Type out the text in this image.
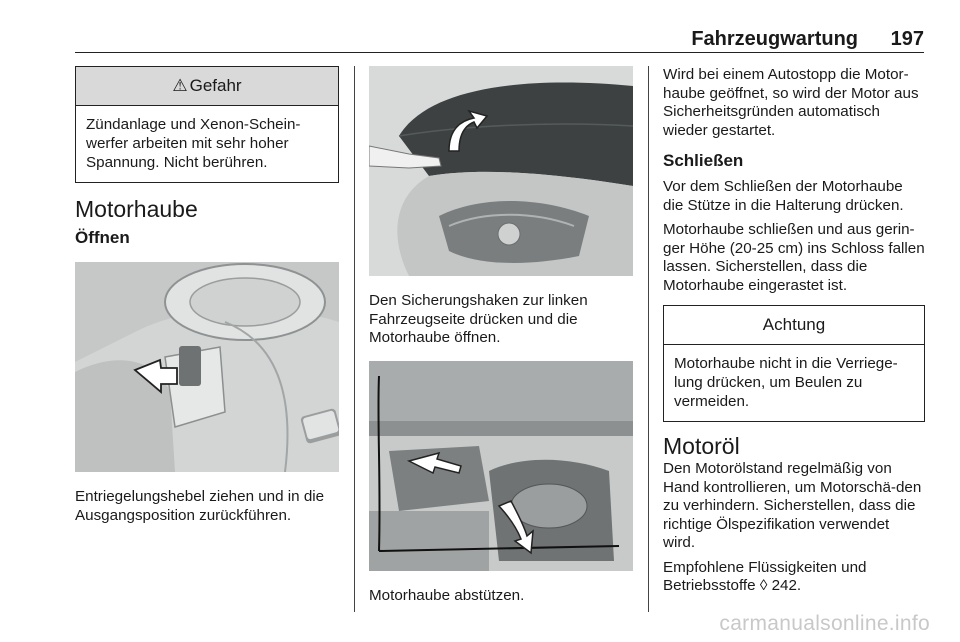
Fahrzeugwartung 197
⚠ Gefahr
Zündanlage und Xenon-Schein-werfer arbeiten mit sehr hoher Spannung. Nicht berühren.
Motorhaube
Öffnen
Entriegelungshebel ziehen und in die Ausgangsposition zurückführen.
Den Sicherungshaken zur linken Fahrzeugseite drücken und die Motorhaube öffnen.
Motorhaube abstützen.
Wird bei einem Autostopp die Motor-haube geöffnet, so wird der Motor aus Sicherheitsgründen automatisch wieder gestartet.
Schließen
Vor dem Schließen der Motorhaube die Stütze in die Halterung drücken.
Motorhaube schließen und aus gerin-ger Höhe (20-25 cm) ins Schloss fallen lassen. Sicherstellen, dass die Motorhaube eingerastet ist.
Achtung
Motorhaube nicht in die Verriege-lung drücken, um Beulen zu vermeiden.
Motoröl
Den Motorölstand regelmäßig von Hand kontrollieren, um Motorschä-den zu verhindern. Sicherstellen, dass die richtige Ölspezifikation verwendet wird.
Empfohlene Flüssigkeiten und Betriebsstoffe ◊ 242.
carmanualsonline.info
